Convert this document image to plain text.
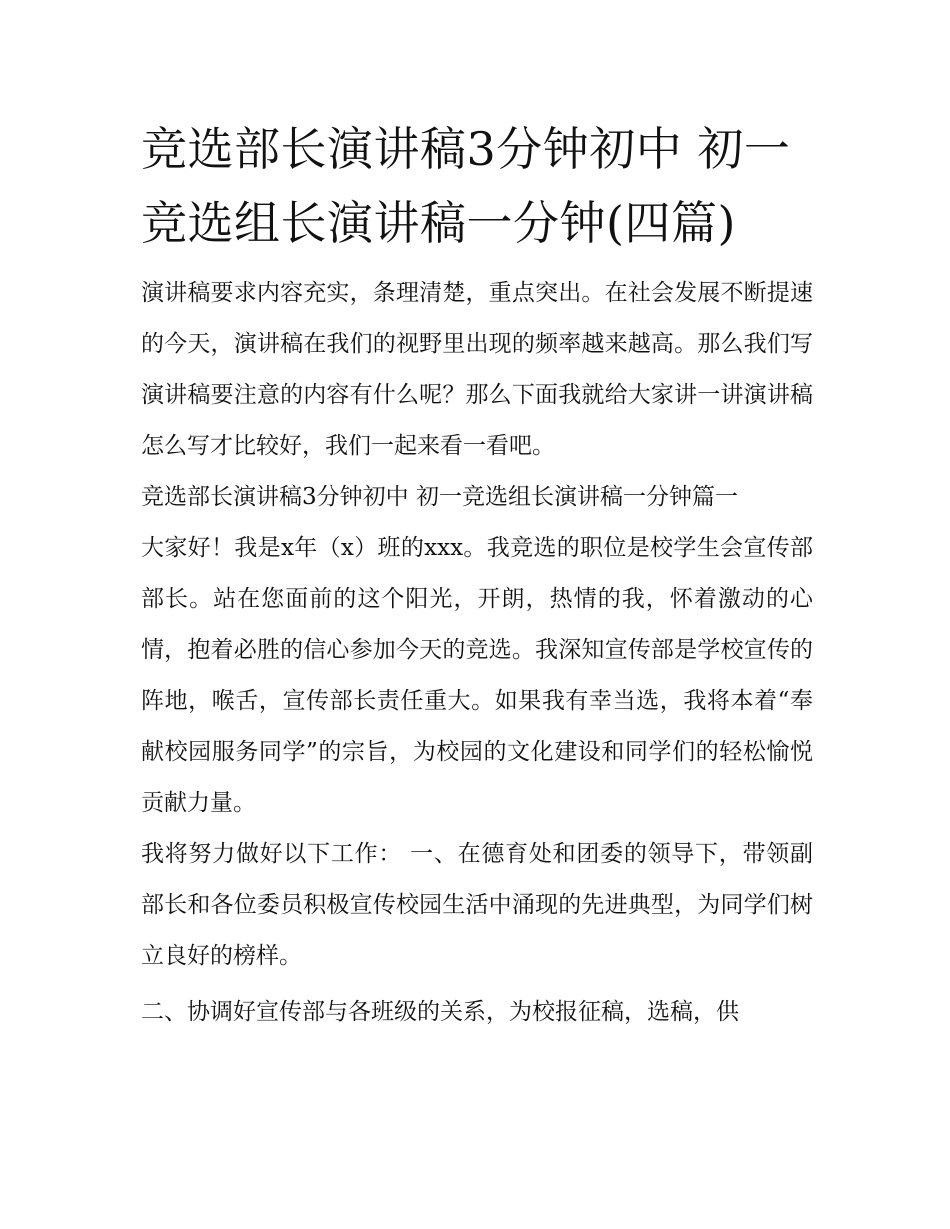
竞选部长演讲稿3分钟初中 初一竞选组长演讲稿一分钟(四篇)

演讲稿要求内容充实，条理清楚，重点突出。在社会发展不断提速的今天，演讲稿在我们的视野里出现的频率越来越高。那么我们写演讲稿要注意的内容有什么呢？那么下面我就给大家讲一讲演讲稿怎么写才比较好，我们一起来看一看吧。

竞选部长演讲稿3分钟初中 初一竞选组长演讲稿一分钟篇一

大家好！我是x年（x）班的xxx。我竞选的职位是校学生会宣传部部长。站在您面前的这个阳光，开朗，热情的我，怀着激动的心情，抱着必胜的信心参加今天的竞选。我深知宣传部是学校宣传的阵地，喉舌，宣传部长责任重大。如果我有幸当选，我将本着“奉献校园服务同学”的宗旨，为校园的文化建设和同学们的轻松愉悦贡献力量。

我将努力做好以下工作： 一、在德育处和团委的领导下，带领副部长和各位委员积极宣传校园生活中涌现的先进典型，为同学们树立良好的榜样。

二、协调好宣传部与各班级的关系，为校报征稿，选稿，供
